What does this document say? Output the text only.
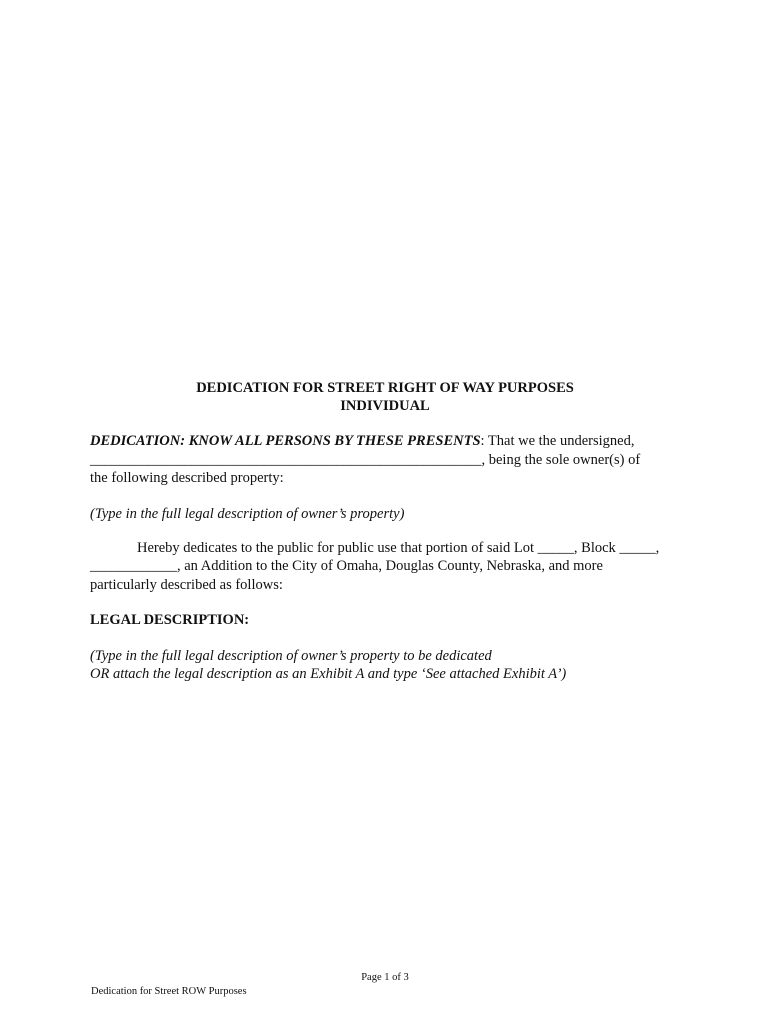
DEDICATION FOR STREET RIGHT OF WAY PURPOSES
INDIVIDUAL
DEDICATION: KNOW ALL PERSONS BY THESE PRESENTS: That we the undersigned,
______________________________________________________, being the sole owner(s) of
the following described property:
(Type in the full legal description of owner’s property)
Hereby dedicates to the public for public use that portion of said Lot _____, Block _____,
____________, an Addition to the City of Omaha, Douglas County, Nebraska, and more
particularly described as follows:
LEGAL DESCRIPTION:
(Type in the full legal description of owner’s property to be dedicated
OR attach the legal description as an Exhibit A and type ‘See attached Exhibit A’)
Page 1 of 3
Dedication for Street ROW Purposes
